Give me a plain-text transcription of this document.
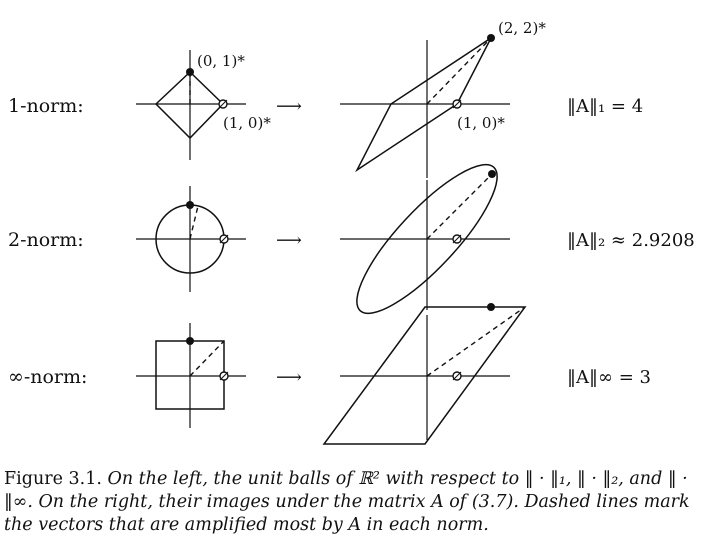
1-norm:
(0, 1)*
(1, 0)*
⟶
(2, 2)*
(1, 0)*
‖A‖₁ = 4
2-norm:	⟶	‖A‖₂ ≈ 2.9208
∞-norm:	⟶	‖A‖∞ = 3
Figure 3.1. On the left, the unit balls of ℝ² with respect to ‖ · ‖₁, ‖ · ‖₂, and ‖ · ‖∞. On the right, their images under the matrix A of (3.7). Dashed lines mark the vectors that are amplified most by A in each norm.
